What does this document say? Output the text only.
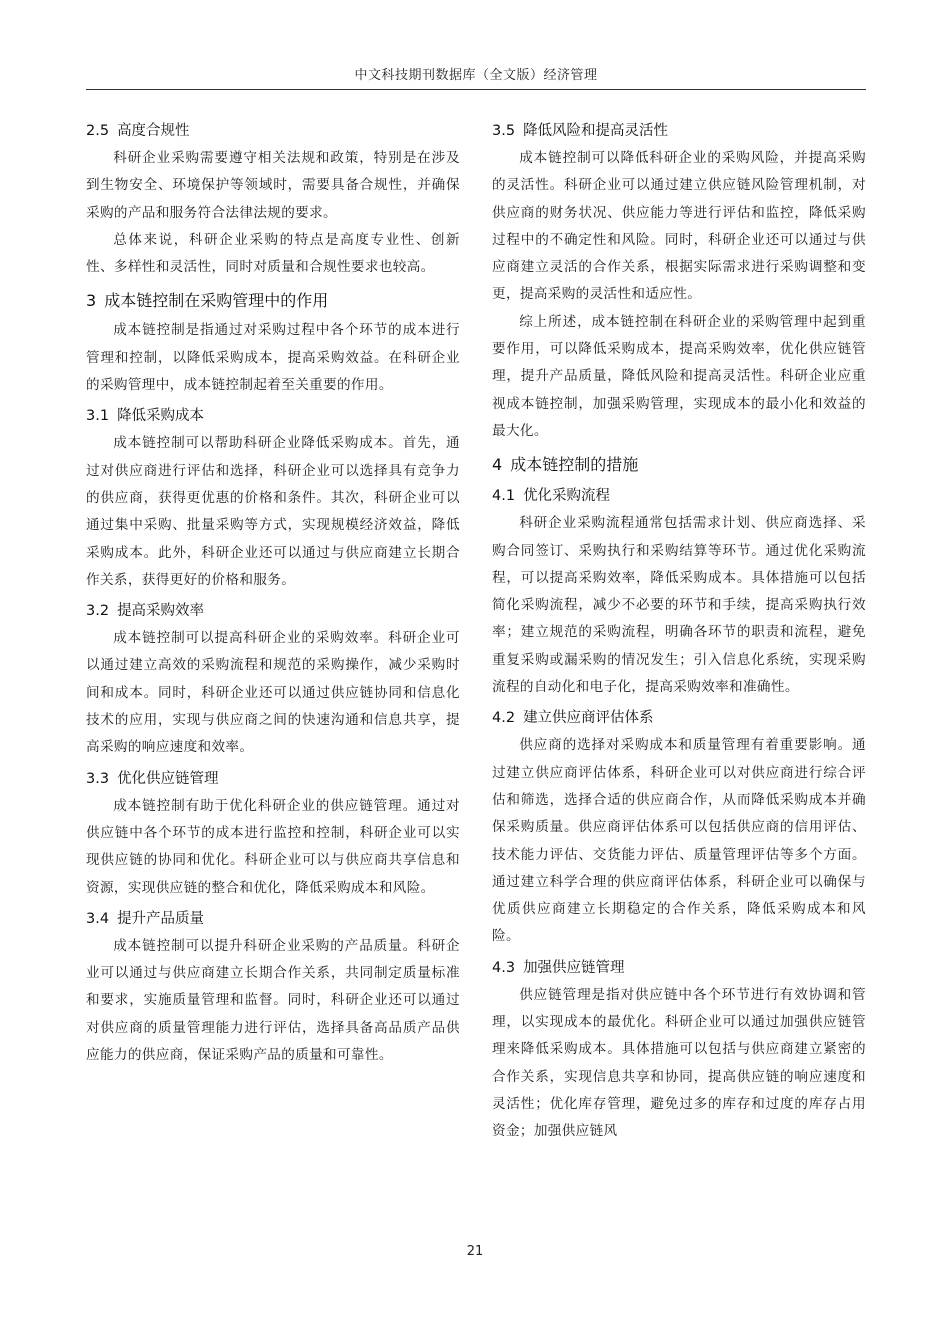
中文科技期刊数据库（全文版）经济管理
2.5 高度合规性

科研企业采购需要遵守相关法规和政策，特别是在涉及到生物安全、环境保护等领域时，需要具备合规性，并确保采购的产品和服务符合法律法规的要求。

总体来说，科研企业采购的特点是高度专业性、创新性、多样性和灵活性，同时对质量和合规性要求也较高。

3 成本链控制在采购管理中的作用

成本链控制是指通过对采购过程中各个环节的成本进行管理和控制，以降低采购成本，提高采购效益。在科研企业的采购管理中，成本链控制起着至关重要的作用。

3.1 降低采购成本

成本链控制可以帮助科研企业降低采购成本。首先，通过对供应商进行评估和选择，科研企业可以选择具有竞争力的供应商，获得更优惠的价格和条件。其次，科研企业可以通过集中采购、批量采购等方式，实现规模经济效益，降低采购成本。此外，科研企业还可以通过与供应商建立长期合作关系，获得更好的价格和服务。

3.2 提高采购效率

成本链控制可以提高科研企业的采购效率。科研企业可以通过建立高效的采购流程和规范的采购操作，减少采购时间和成本。同时，科研企业还可以通过供应链协同和信息化技术的应用，实现与供应商之间的快速沟通和信息共享，提高采购的响应速度和效率。

3.3 优化供应链管理

成本链控制有助于优化科研企业的供应链管理。通过对供应链中各个环节的成本进行监控和控制，科研企业可以实现供应链的协同和优化。科研企业可以与供应商共享信息和资源，实现供应链的整合和优化，降低采购成本和风险。

3.4 提升产品质量

成本链控制可以提升科研企业采购的产品质量。科研企业可以通过与供应商建立长期合作关系，共同制定质量标准和要求，实施质量管理和监督。同时，科研企业还可以通过对供应商的质量管理能力进行评估，选择具备高品质产品供应能力的供应商，保证采购产品的质量和可靠性。

3.5 降低风险和提高灵活性

成本链控制可以降低科研企业的采购风险，并提高采购的灵活性。科研企业可以通过建立供应链风险管理机制，对供应商的财务状况、供应能力等进行评估和监控，降低采购过程中的不确定性和风险。同时，科研企业还可以通过与供应商建立灵活的合作关系，根据实际需求进行采购调整和变更，提高采购的灵活性和适应性。

综上所述，成本链控制在科研企业的采购管理中起到重要作用，可以降低采购成本，提高采购效率，优化供应链管理，提升产品质量，降低风险和提高灵活性。科研企业应重视成本链控制，加强采购管理，实现成本的最小化和效益的最大化。

4 成本链控制的措施
4.1 优化采购流程

科研企业采购流程通常包括需求计划、供应商选择、采购合同签订、采购执行和采购结算等环节。通过优化采购流程，可以提高采购效率，降低采购成本。具体措施可以包括简化采购流程，减少不必要的环节和手续，提高采购执行效率；建立规范的采购流程，明确各环节的职责和流程，避免重复采购或漏采购的情况发生；引入信息化系统，实现采购流程的自动化和电子化，提高采购效率和准确性。

4.2 建立供应商评估体系

供应商的选择对采购成本和质量管理有着重要影响。通过建立供应商评估体系，科研企业可以对供应商进行综合评估和筛选，选择合适的供应商合作，从而降低采购成本并确保采购质量。供应商评估体系可以包括供应商的信用评估、技术能力评估、交货能力评估、质量管理评估等多个方面。通过建立科学合理的供应商评估体系，科研企业可以确保与优质供应商建立长期稳定的合作关系，降低采购成本和风险。

4.3 加强供应链管理

供应链管理是指对供应链中各个环节进行有效协调和管理，以实现成本的最优化。科研企业可以通过加强供应链管理来降低采购成本。具体措施可以包括与供应商建立紧密的合作关系，实现信息共享和协同，提高供应链的响应速度和灵活性；优化库存管理，避免过多的库存和过度的库存占用资金；加强供应链风

21
